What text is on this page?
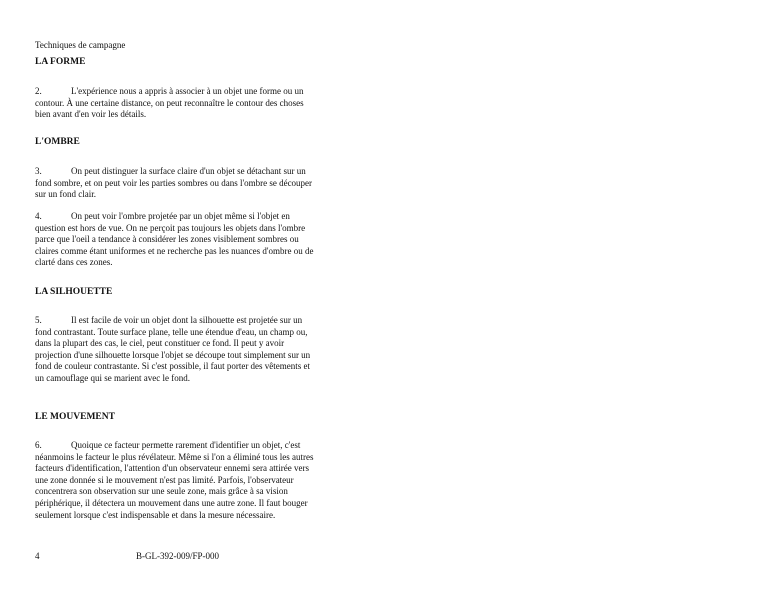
Techniques de campagne
LA FORME
2.	L'expérience nous a appris à associer à un objet une forme ou un contour. À une certaine distance, on peut reconnaître le contour des choses bien avant d'en voir les détails.
L'OMBRE
3.	On peut distinguer la surface claire d'un objet se détachant sur un fond sombre, et on peut voir les parties sombres ou dans l'ombre se découper sur un fond clair.
4.	On peut voir l'ombre projetée par un objet même si l'objet en question est hors de vue. On ne perçoit pas toujours les objets dans l'ombre parce que l'oeil a tendance à considérer les zones visiblement sombres ou claires comme étant uniformes et ne recherche pas les nuances d'ombre ou de clarté dans ces zones.
LA SILHOUETTE
5.	Il est facile de voir un objet dont la silhouette est projetée sur un fond contrastant. Toute surface plane, telle une étendue d'eau, un champ ou, dans la plupart des cas, le ciel, peut constituer ce fond. Il peut y avoir projection d'une silhouette lorsque l'objet se découpe tout simplement sur un fond de couleur contrastante. Si c'est possible, il faut porter des vêtements et un camouflage qui se marient avec le fond.
LE MOUVEMENT
6.	Quoique ce facteur permette rarement d'identifier un objet, c'est néanmoins le facteur le plus révélateur. Même si l'on a éliminé tous les autres facteurs d'identification, l'attention d'un observateur ennemi sera attirée vers une zone donnée si le mouvement n'est pas limité. Parfois, l'observateur concentrera son observation sur une seule zone, mais grâce à sa vision périphérique, il détectera un mouvement dans une autre zone. Il faut bouger seulement lorsque c'est indispensable et dans la mesure nécessaire.
4	B-GL-392-009/FP-000
